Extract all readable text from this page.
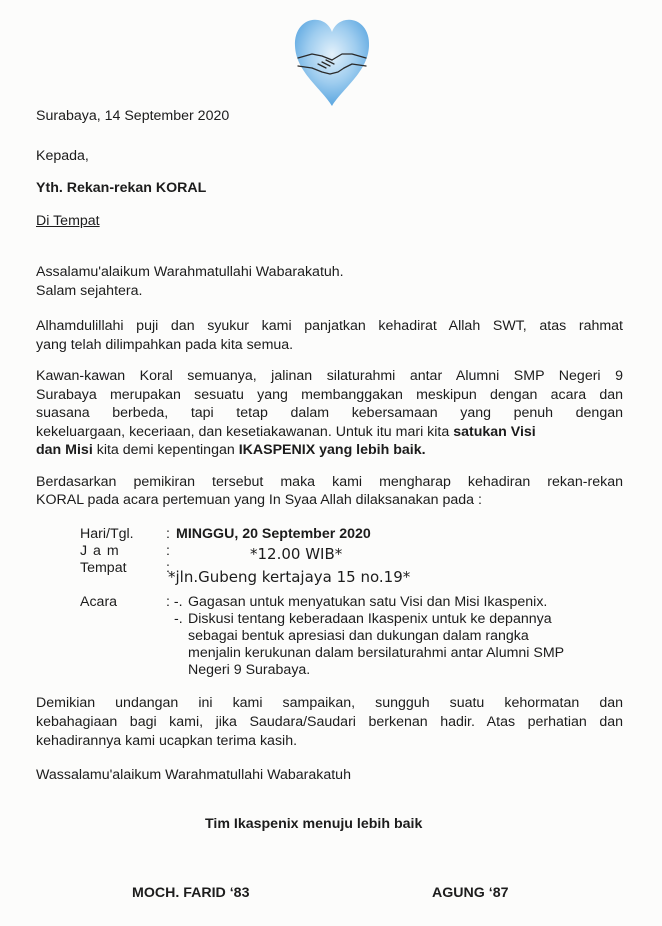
Surabaya, 14 September 2020
Kepada,
Yth. Rekan-rekan KORAL
Di Tempat
Assalamu'alaikum Warahmatullahi Wabarakatuh.
Salam sejahtera.
Alhamdulillahi puji dan syukur kami panjatkan kehadirat Allah SWT, atas rahmat
yang telah dilimpahkan pada kita semua.
Kawan-kawan Koral semuanya, jalinan silaturahmi antar Alumni SMP Negeri 9
Surabaya merupakan sesuatu yang membanggakan meskipun dengan acara dan
suasana berbeda, tapi tetap dalam kebersamaan yang penuh dengan
kekeluargaan, keceriaan, dan kesetiakawanan. Untuk itu mari kita satukan Visi
dan Misi kita demi kepentingan IKASPENIX yang lebih baik.
Berdasarkan pemikiran tersebut maka kami mengharap kehadiran rekan-rekan
KORAL pada acara pertemuan yang In Syaa Allah dilaksanakan pada :
Hari/Tgl. : MINGGU, 20 September 2020
J a m	:	*12.00 WIB*
Tempat	:
*jln.Gubeng kertajaya 15 no.19*
Acara	: -. Gagasan untuk menyatukan satu Visi dan Misi Ikaspenix.
-. Diskusi tentang keberadaan Ikaspenix untuk ke depannya
sebagai bentuk apresiasi dan dukungan dalam rangka
menjalin kerukunan dalam bersilaturahmi antar Alumni SMP
Negeri 9 Surabaya.
Demikian undangan ini kami sampaikan, sungguh suatu kehormatan dan
kebahagiaan bagi kami, jika Saudara/Saudari berkenan hadir. Atas perhatian dan
kehadirannya kami ucapkan terima kasih.
Wassalamu'alaikum Warahmatullahi Wabarakatuh
Tim Ikaspenix menuju lebih baik
MOCH. FARID ‘83	AGUNG ‘87
